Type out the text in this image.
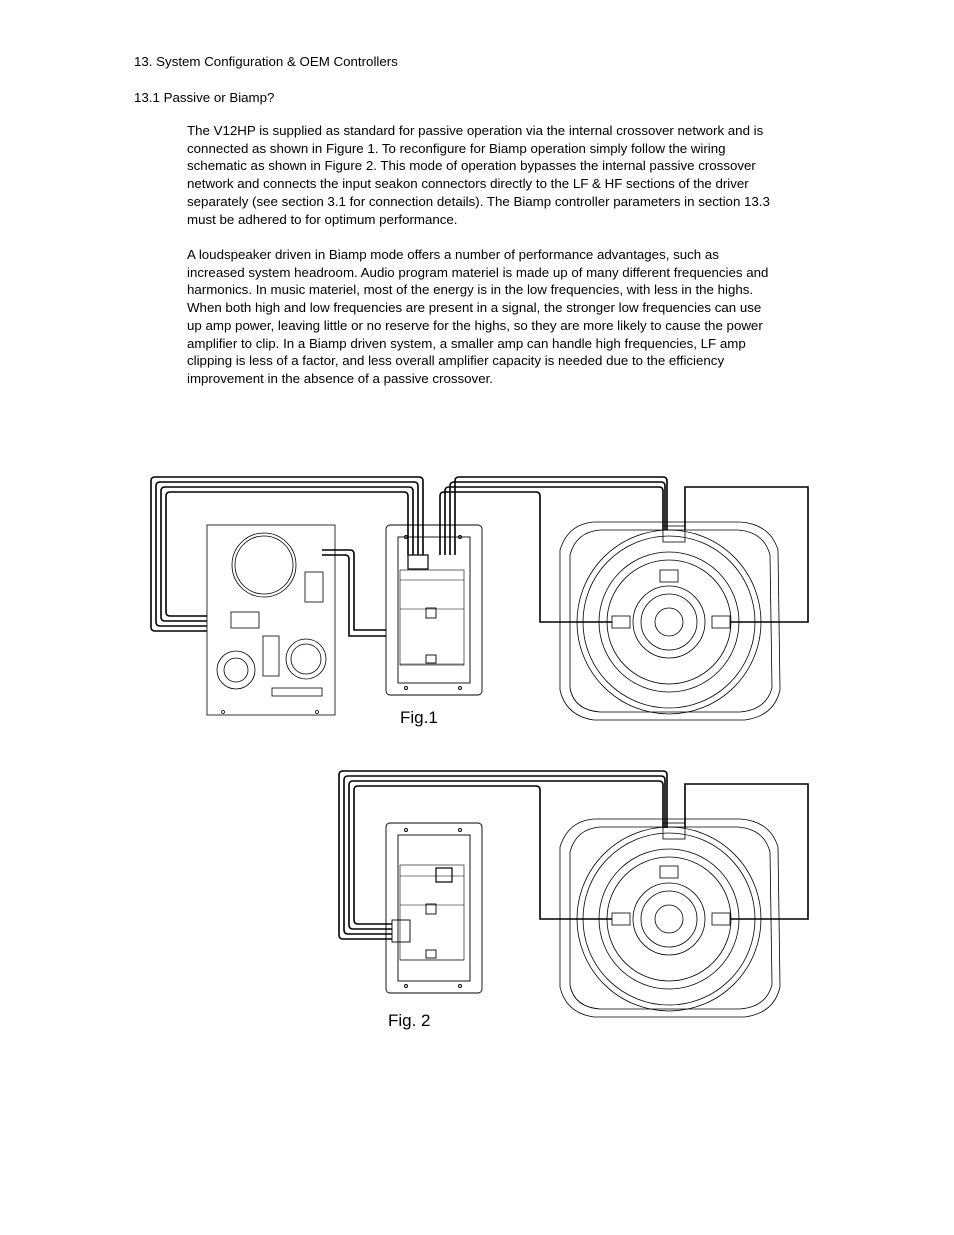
13. System Configuration & OEM Controllers
13.1 Passive or Biamp?
The V12HP is supplied as standard for passive operation via the internal crossover network and is
connected as shown in Figure 1. To reconfigure for Biamp operation simply follow the wiring
schematic as shown in Figure 2. This mode of operation bypasses the internal passive crossover
network and connects the input seakon connectors directly to the LF & HF sections of the driver
separately (see section 3.1 for connection details). The Biamp controller parameters in section 13.3
must be adhered to for optimum performance.
A loudspeaker driven in Biamp mode offers a number of performance advantages, such as
increased system headroom. Audio program materiel is made up of many different frequencies and
harmonics. In music materiel, most of the energy is in the low frequencies, with less in the highs.
When both high and low frequencies are present in a signal, the stronger low frequencies can use
up amp power, leaving little or no reserve for the highs, so they are more likely to cause the power
amplifier to clip. In a Biamp driven system, a smaller amp can handle high frequencies, LF amp
clipping is less of a factor, and less overall amplifier capacity is needed due to the efficiency
improvement in the absence of a passive crossover.
Fig.1
Fig. 2
